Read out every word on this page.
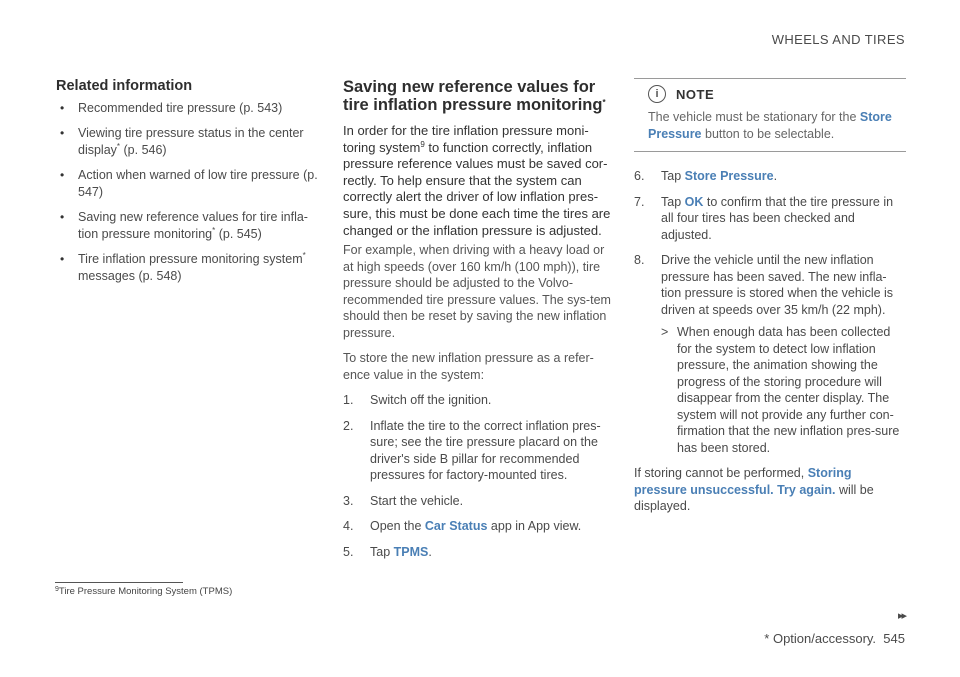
WHEELS AND TIRES
Related information
• Recommended tire pressure (p. 543)
• Viewing tire pressure status in the center display* (p. 546)
• Action when warned of low tire pressure (p. 547)
• Saving new reference values for tire infla-tion pressure monitoring* (p. 545)
• Tire inflation pressure monitoring system* messages (p. 548)
Saving new reference values for tire inflation pressure monitoring*

In order for the tire inflation pressure moni-toring system$^9$ to function correctly, inflation pressure reference values must be saved cor-rectly. To help ensure that the system can correctly alert the driver of low inflation pres-sure, this must be done each time the tires are changed or the inflation pressure is adjusted.

For example, when driving with a heavy load or at high speeds (over 160 km/h (100 mph)), tire pressure should be adjusted to the Volvo-recommended tire pressure values. The sys-tem should then be reset by saving the new inflation pressure.

To store the new inflation pressure as a refer-ence value in the system:

1. Switch off the ignition.
2. Inflate the tire to the correct inflation pres-sure; see the tire pressure placard on the driver's side B pillar for recommended pressures for factory-mounted tires.
3. Start the vehicle.
4. Open the Car Status app in App view.
5. Tap TPMS.
i	NOTE
The vehicle must be stationary for the Store Pressure button to be selectable.
6. Tap Store Pressure.
7. Tap OK to confirm that the tire pressure in all four tires has been checked and adjusted.
8. Drive the vehicle until the new inflation pressure has been saved. The new infla-tion pressure is stored when the vehicle is driven at speeds over 35 km/h (22 mph).
> When enough data has been collected for the system to detect low inflation pressure, the animation showing the progress of the storing procedure will disappear from the center display. The system will not provide any further con-firmation that the new inflation pres-sure has been stored.

If storing cannot be performed, Storing pressure unsuccessful. Try again. will be displayed.

$^9$Tire Pressure Monitoring System (TPMS)
▸▸
* Option/accessory. 545
